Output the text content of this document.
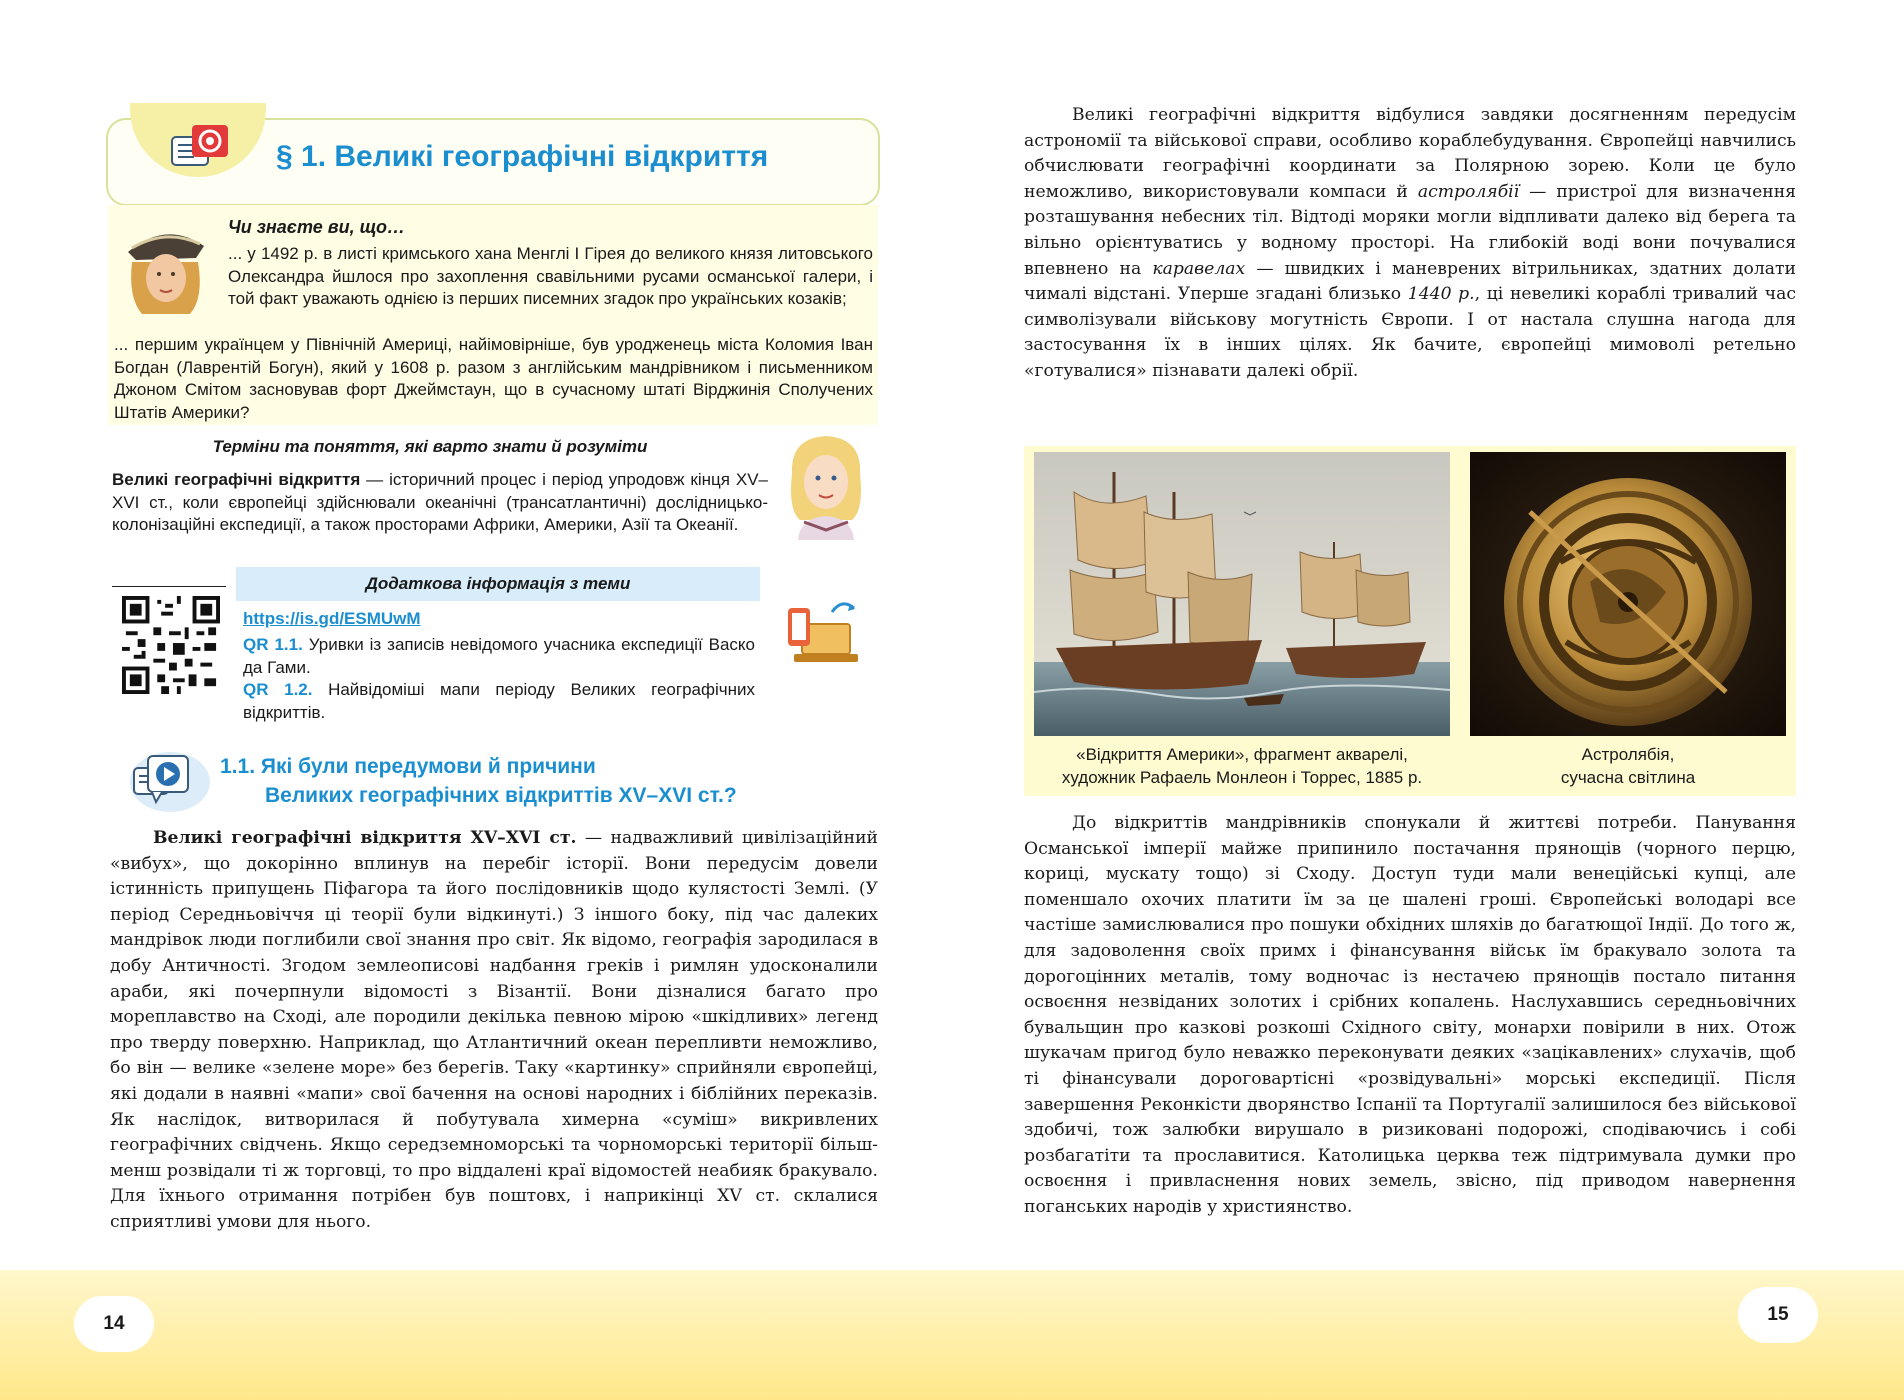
§ 1. Великі географічні відкриття
Чи знаєте ви, що…

... у 1492 р. в листі кримського хана Менглі І Гірея до великого князя литовського Олександра йшлося про захоплення свавільними русами османської галери, і той факт уважають однією із перших писемних згадок про українських козаків;

... першим українцем у Північній Америці, найімовірніше, був уродженець міста Коломия Іван Богдан (Лаврентій Богун), який у 1608 р. разом з англійським мандрівником і письменником Джоном Смітом засновував форт Джеймстаун, що в сучасному штаті Вірджинія Сполучених Штатів Америки?

Терміни та поняття, які варто знати й розуміти

Великі географічні відкриття — історичний процес і період упродовж кінця XV–XVI ст., коли європейці здійснювали океанічні (трансатлантичні) дослідницько-колонізаційні експедиції, а також просторами Африки, Америки, Азії та Океанії.

Додаткова інформація з теми
https://is.gd/ESMUwM

QR 1.1. Уривки із записів невідомого учасника експедиції Васко да Гами.

QR 1.2. Найвідоміші мапи періоду Великих географічних відкриттів.

1.1. Які були передумови й причини
Великих географічних відкриттів XV–XVI ст.?

Великі географічні відкриття XV–XVI ст. — надважливий цивілізаційний «вибух», що докорінно вплинув на перебіг історії. Вони передусім довели істинність припущень Піфагора та його послідовників щодо кулястості Землі. (У період Середньовіччя ці теорії були відкинуті.) З іншого боку, під час далеких мандрівок люди поглибили свої знання про світ. Як відомо, географія зародилася в добу Античності. Згодом землеописові надбання греків і римлян удосконалили араби, які почерпнули відомості з Візантії. Вони дізналися багато про мореплавство на Сході, але породили декілька певною мірою «шкідливих» легенд про тверду поверхню. Наприклад, що Атлантичний океан перепливти неможливо, бо він — велике «зелене море» без берегів. Таку «картинку» сприйняли європейці, які додали в наявні «мапи» свої бачення на основі народних і біблійних переказів. Як наслідок, витворилася й побутувала химерна «суміш» викривлених географічних свідчень. Якщо середземноморські та чорноморські території більш-менш розвідали ті ж торговці, то про віддалені краї відомостей неабияк бракувало. Для їхнього отримання потрібен був поштовх, і наприкінці XV ст. склалися сприятливі умови для нього.

14

Великі географічні відкриття відбулися завдяки досягненням передусім астрономії та військової справи, особливо кораблебудування. Європейці навчились обчислювати географічні координати за Полярною зорею. Коли це було неможливо, використовували компаси й астролябії — пристрої для визначення розташування небесних тіл. Відтоді моряки могли відпливати далеко від берега та вільно орієнтуватись у водному просторі. На глибокій воді вони почувалися впевнено на каравелах — швидких і маневрених вітрильниках, здатних долати чималі відстані. Уперше згадані близько 1440 р., ці невеликі кораблі тривалий час символізували військову могутність Європи. І от настала слушна нагода для застосування їх в інших цілях. Як бачите, європейці мимоволі ретельно «готувалися» пізнавати далекі обрії.

«Відкриття Америки», фрагмент акварелі,
художник Рафаель Монлеон і Торрес, 1885 р.

Астролябія,
сучасна світлина

До відкриттів мандрівників спонукали й життєві потреби. Панування Османської імперії майже припинило постачання прянощів (чорного перцю, кориці, мускату тощо) зі Сходу. Доступ туди мали венеційські купці, але поменшало охочих платити їм за це шалені гроші. Європейські володарі все частіше замислювалися про пошуки обхідних шляхів до багатющої Індії. До того ж, для задоволення своїх примх і фінансування військ їм бракувало золота та дорогоцінних металів, тому водночас із нестачею прянощів постало питання освоєння незвіданих золотих і срібних копалень. Наслухавшись середньовічних бувальщин про казкові розкоші Східного світу, монархи повірили в них. Отож шукачам пригод було неважко переконувати деяких «зацікавлених» слухачів, щоб ті фінансували дороговартісні «розвідувальні» морські експедиції. Після завершення Реконкісти дворянство Іспанії та Португалії залишилося без військової здобичі, тож залюбки вирушало в ризиковані подорожі, сподіваючись і собі розбагатіти та прославитися. Католицька церква теж підтримувала думки про освоєння і привласнення нових земель, звісно, під приводом навернення поганських народів у християнство.

15
